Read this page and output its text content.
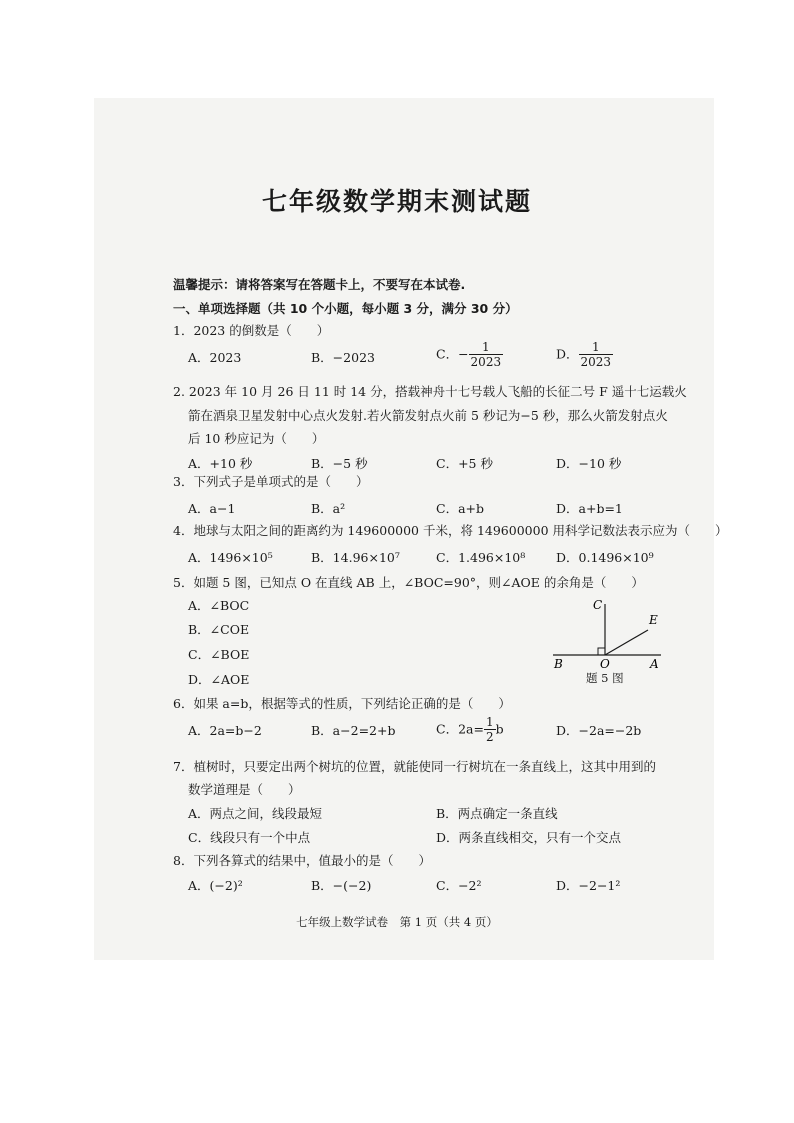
七年级数学期末测试题
温馨提示：请将答案写在答题卡上，不要写在本试卷.
一、单项选择题（共 10 个小题，每小题 3 分，满分 30 分）
1．2023 的倒数是（　　）
A．2023	B．−2023	C．− $\frac{1}{2023}$	D． $\frac{1}{2023}$
2. 2023 年 10 月 26 日 11 时 14 分，搭载神舟十七号载人飞船的长征二号 F 遥十七运载火
箭在酒泉卫星发射中心点火发射.若火箭发射点火前 5 秒记为−5 秒，那么火箭发射点火
后 10 秒应记为（　　）
A．+10 秒	B．−5 秒	C．+5 秒	D．−10 秒
3．下列式子是单项式的是（　　）
A．a−1	B．a²	C．a+b	D．a+b=1
4．地球与太阳之间的距离约为 149600000 千米，将 149600000 用科学记数法表示应为（　　）
A．1496×10⁵	B．14.96×10⁷	C．1.496×10⁸ D．0.1496×10⁹
5．如题 5 图，已知点 O 在直线 AB 上，∠BOC=90°，则∠AOE 的余角是（　　）
A．∠BOC
B．∠COE
C．∠BOE
D．∠AOE
C
E
B	O	A
题 5 图
6．如果 a=b，根据等式的性质，下列结论正确的是（　　）
A．2a=b−2	B．a−2=2+b	C．$2a= \frac{1}{2}$ b	D．−2a=−2b
7．植树时，只要定出两个树坑的位置，就能使同一行树坑在一条直线上，这其中用到的
数学道理是（　　）
A．两点之间，线段最短	B．两点确定一条直线
C．线段只有一个中点	D．两条直线相交，只有一个交点
8．下列各算式的结果中，值最小的是（　　）
A．(−2)²	B．−(−2)	C．−2²	D．−2−1²
七年级上数学试卷　第 1 页（共 4 页）
